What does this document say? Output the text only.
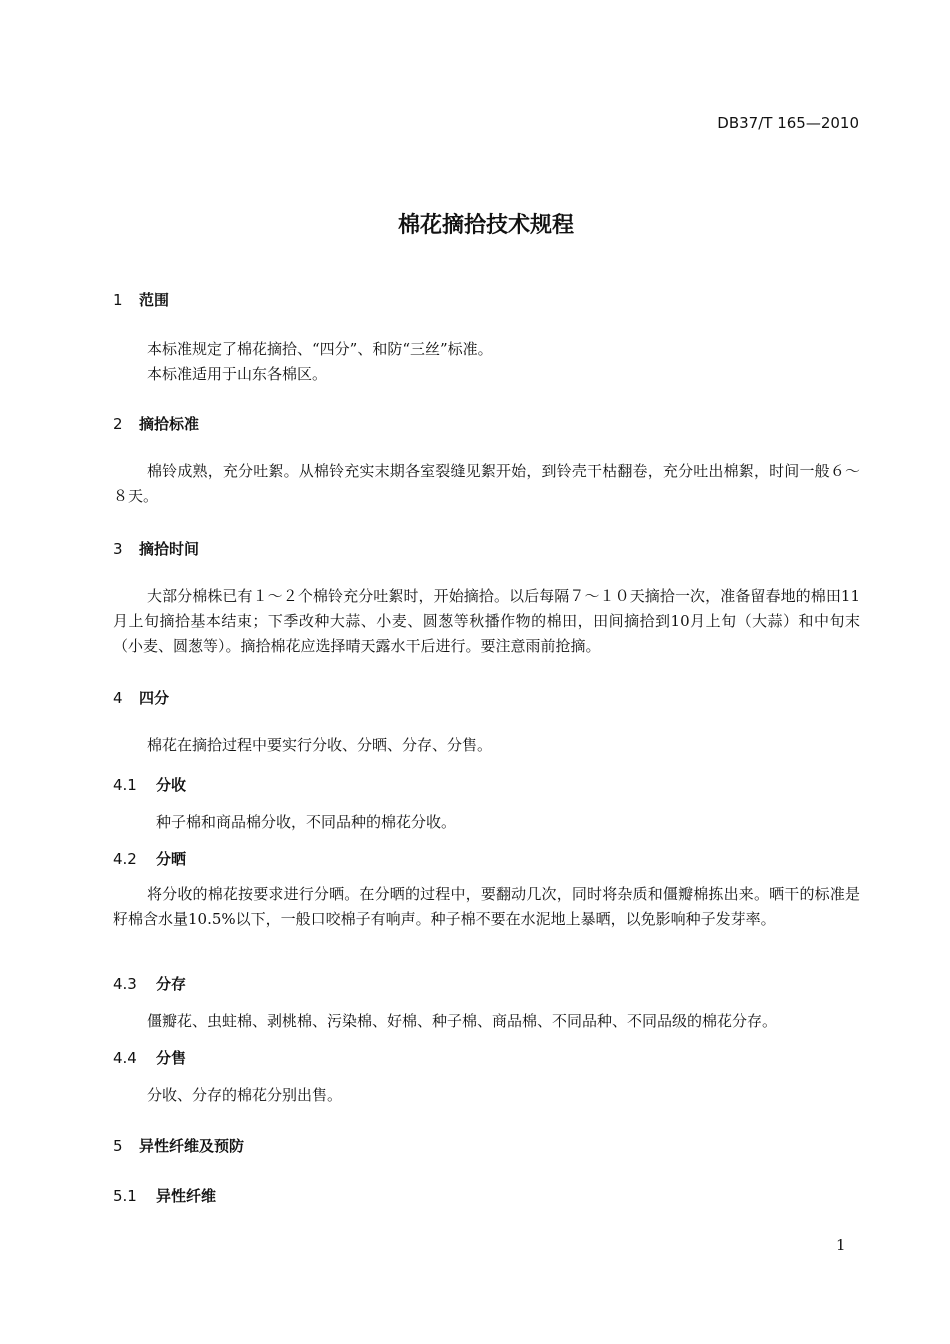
DB37/T 165—2010
棉花摘拾技术规程
1 范围
本标准规定了棉花摘拾、“四分”、和防“三丝”标准。
本标准适用于山东各棉区。
2 摘拾标准
棉铃成熟，充分吐絮。从棉铃充实末期各室裂缝见絮开始，到铃壳干枯翻卷，充分吐出棉絮，时间一般６～８天。
3 摘拾时间
大部分棉株已有１～２个棉铃充分吐絮时，开始摘拾。以后每隔７～１０天摘拾一次，准备留春地的棉田11月上旬摘拾基本结束；下季改种大蒜、小麦、圆葱等秋播作物的棉田，田间摘拾到10月上旬（大蒜）和中旬末（小麦、圆葱等）。摘拾棉花应选择晴天露水干后进行。要注意雨前抢摘。
4 四分
棉花在摘拾过程中要实行分收、分晒、分存、分售。
4.1 分收
种子棉和商品棉分收，不同品种的棉花分收。
4.2 分晒
将分收的棉花按要求进行分晒。在分晒的过程中，要翻动几次，同时将杂质和僵瓣棉拣出来。晒干的标准是籽棉含水量10.5%以下，一般口咬棉子有响声。种子棉不要在水泥地上暴晒，以免影响种子发芽率。
4.3 分存
僵瓣花、虫蛀棉、剥桃棉、污染棉、好棉、种子棉、商品棉、不同品种、不同品级的棉花分存。
4.4 分售
分收、分存的棉花分别出售。
5 异性纤维及预防
5.1 异性纤维
1
